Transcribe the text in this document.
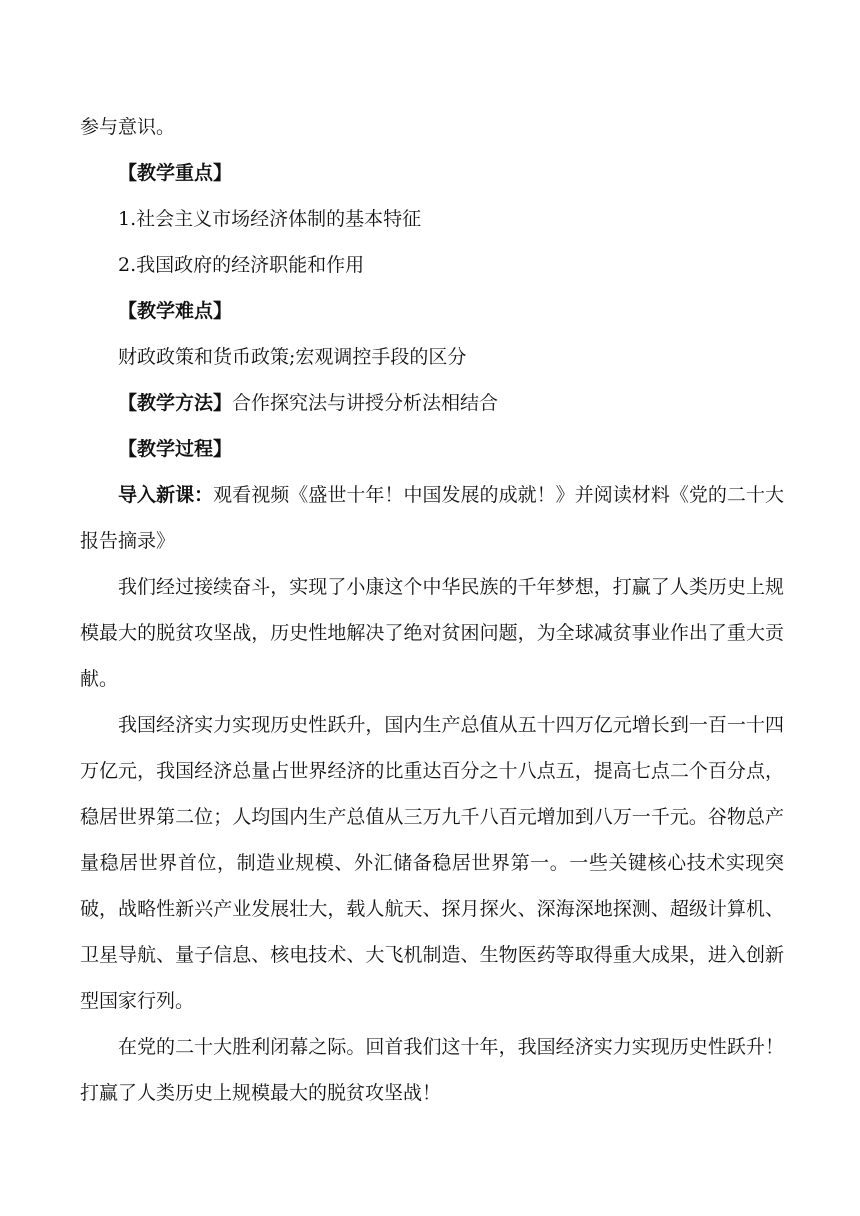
参与意识。

【教学重点】

1.社会主义市场经济体制的基本特征

2.我国政府的经济职能和作用

【教学难点】

财政政策和货币政策;宏观调控手段的区分

【教学方法】合作探究法与讲授分析法相结合

【教学过程】

导入新课：观看视频《盛世十年！中国发展的成就！》并阅读材料《党的二十大报告摘录》

我们经过接续奋斗，实现了小康这个中华民族的千年梦想，打赢了人类历史上规模最大的脱贫攻坚战，历史性地解决了绝对贫困问题，为全球减贫事业作出了重大贡献。

我国经济实力实现历史性跃升，国内生产总值从五十四万亿元增长到一百一十四万亿元，我国经济总量占世界经济的比重达百分之十八点五，提高七点二个百分点，稳居世界第二位；人均国内生产总值从三万九千八百元增加到八万一千元。谷物总产量稳居世界首位，制造业规模、外汇储备稳居世界第一。一些关键核心技术实现突破，战略性新兴产业发展壮大，载人航天、探月探火、深海深地探测、超级计算机、卫星导航、量子信息、核电技术、大飞机制造、生物医药等取得重大成果，进入创新型国家行列。

在党的二十大胜利闭幕之际。回首我们这十年，我国经济实力实现历史性跃升！打赢了人类历史上规模最大的脱贫攻坚战！
